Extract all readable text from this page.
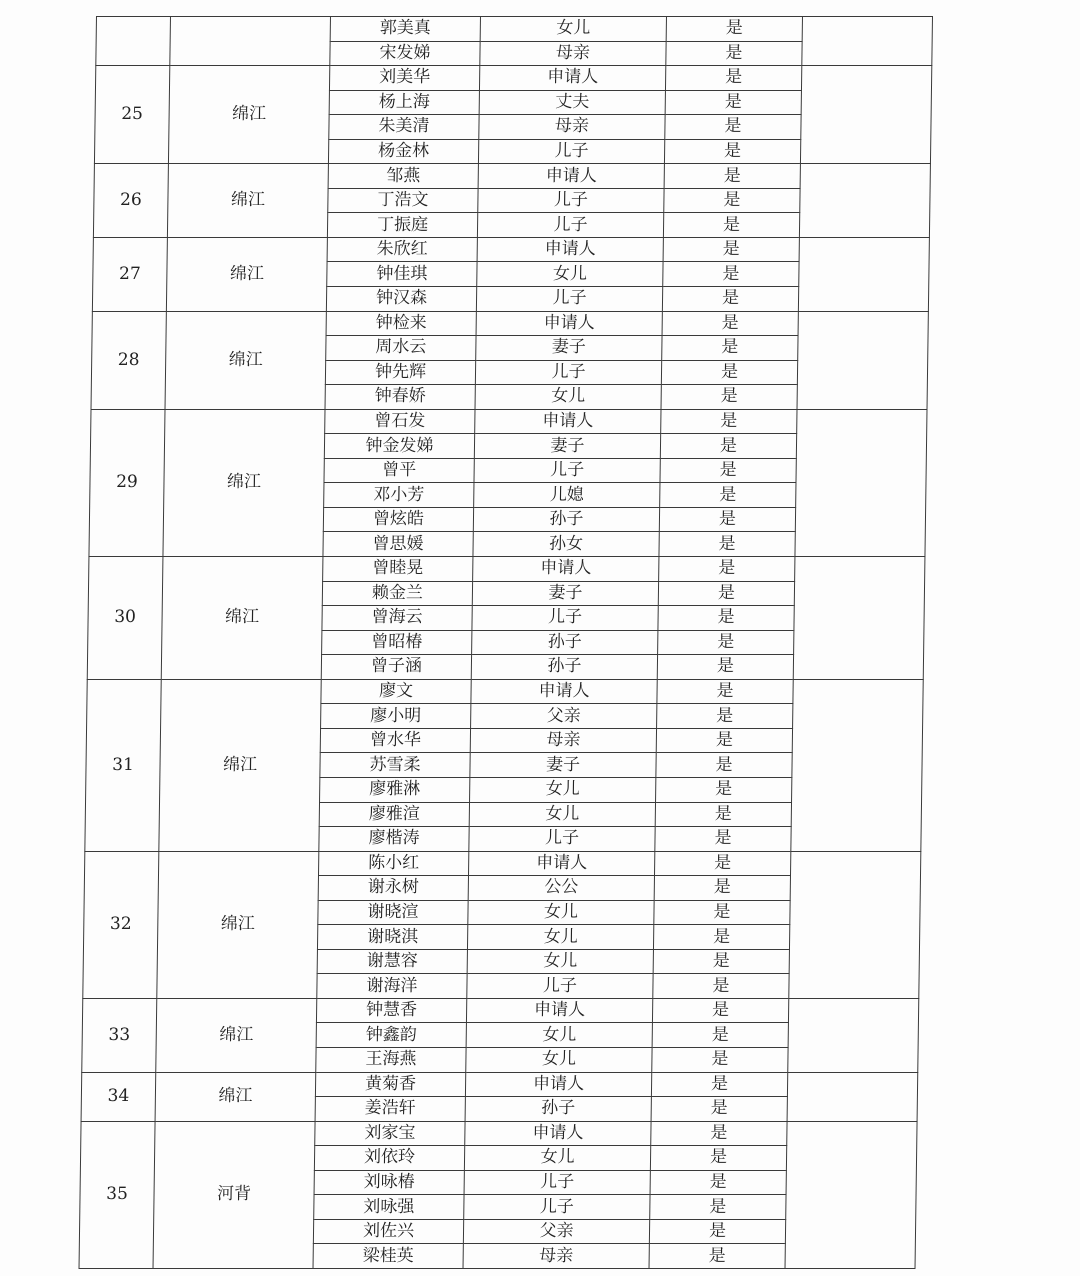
		郭美真	女儿	是	
		宋发娣	母亲	是	
25	绵江	刘美华	申请人	是	
		杨上海	丈夫	是	
		朱美清	母亲	是	
		杨金林	儿子	是	
26	绵江	邹燕	申请人	是	
		丁浩文	儿子	是	
		丁振庭	儿子	是	
27	绵江	朱欣红	申请人	是	
		钟佳琪	女儿	是	
		钟汉森	儿子	是	
28	绵江	钟检来	申请人	是	
		周水云	妻子	是	
		钟先辉	儿子	是	
		钟春娇	女儿	是	
29	绵江	曾石发	申请人	是	
		钟金发娣	妻子	是	
		曾平	儿子	是	
		邓小芳	儿媳	是	
		曾炫皓	孙子	是	
		曾思媛	孙女	是	
30	绵江	曾睦晃	申请人	是	
		赖金兰	妻子	是	
		曾海云	儿子	是	
		曾昭椿	孙子	是	
		曾子涵	孙子	是	
31	绵江	廖文	申请人	是	
		廖小明	父亲	是	
		曾水华	母亲	是	
		苏雪柔	妻子	是	
		廖雅淋	女儿	是	
		廖雅渲	女儿	是	
		廖楷涛	儿子	是	
32	绵江	陈小红	申请人	是	
		谢永树	公公	是	
		谢晓渲	女儿	是	
		谢晓淇	女儿	是	
		谢慧容	女儿	是	
		谢海洋	儿子	是	
33	绵江	钟慧香	申请人	是	
		钟鑫韵	女儿	是	
		王海燕	女儿	是	
34	绵江	黄菊香	申请人	是	
		姜浩轩	孙子	是	
35	河背	刘家宝	申请人	是	
		刘依玲	女儿	是	
		刘咏椿	儿子	是	
		刘咏强	儿子	是	
		刘佐兴	父亲	是	
		梁桂英	母亲	是	
